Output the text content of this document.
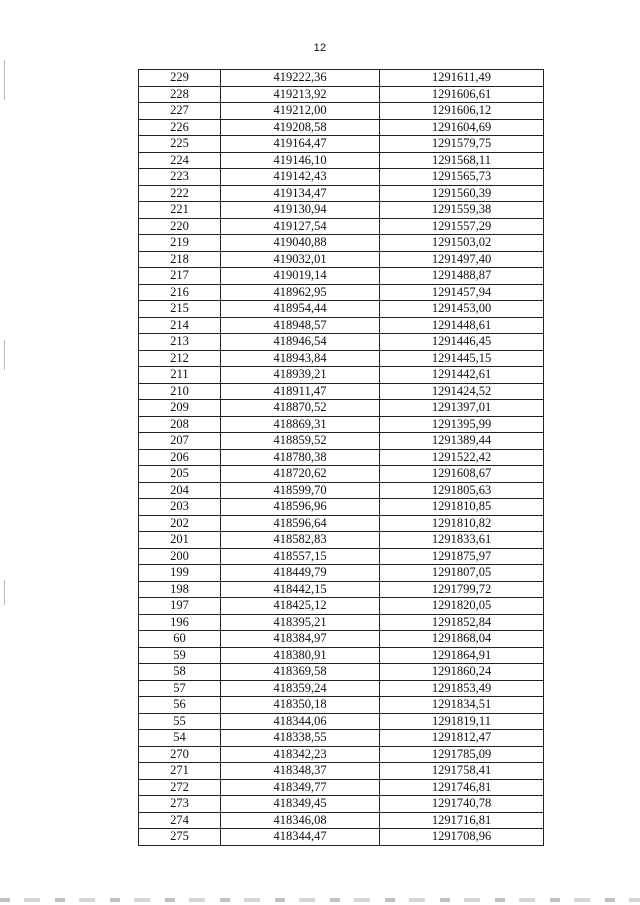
12
229	419222,36	1291611,49
228	419213,92	1291606,61
227	419212,00	1291606,12
226	419208,58	1291604,69
225	419164,47	1291579,75
224	419146,10	1291568,11
223	419142,43	1291565,73
222	419134,47	1291560,39
221	419130,94	1291559,38
220	419127,54	1291557,29
219	419040,88	1291503,02
218	419032,01	1291497,40
217	419019,14	1291488,87
216	418962,95	1291457,94
215	418954,44	1291453,00
214	418948,57	1291448,61
213	418946,54	1291446,45
212	418943,84	1291445,15
211	418939,21	1291442,61
210	418911,47	1291424,52
209	418870,52	1291397,01
208	418869,31	1291395,99
207	418859,52	1291389,44
206	418780,38	1291522,42
205	418720,62	1291608,67
204	418599,70	1291805,63
203	418596,96	1291810,85
202	418596,64	1291810,82
201	418582,83	1291833,61
200	418557,15	1291875,97
199	418449,79	1291807,05
198	418442,15	1291799,72
197	418425,12	1291820,05
196	418395,21	1291852,84
60	418384,97	1291868,04
59	418380,91	1291864,91
58	418369,58	1291860,24
57	418359,24	1291853,49
56	418350,18	1291834,51
55	418344,06	1291819,11
54	418338,55	1291812,47
270	418342,23	1291785,09
271	418348,37	1291758,41
272	418349,77	1291746,81
273	418349,45	1291740,78
274	418346,08	1291716,81
275	418344,47	1291708,96
